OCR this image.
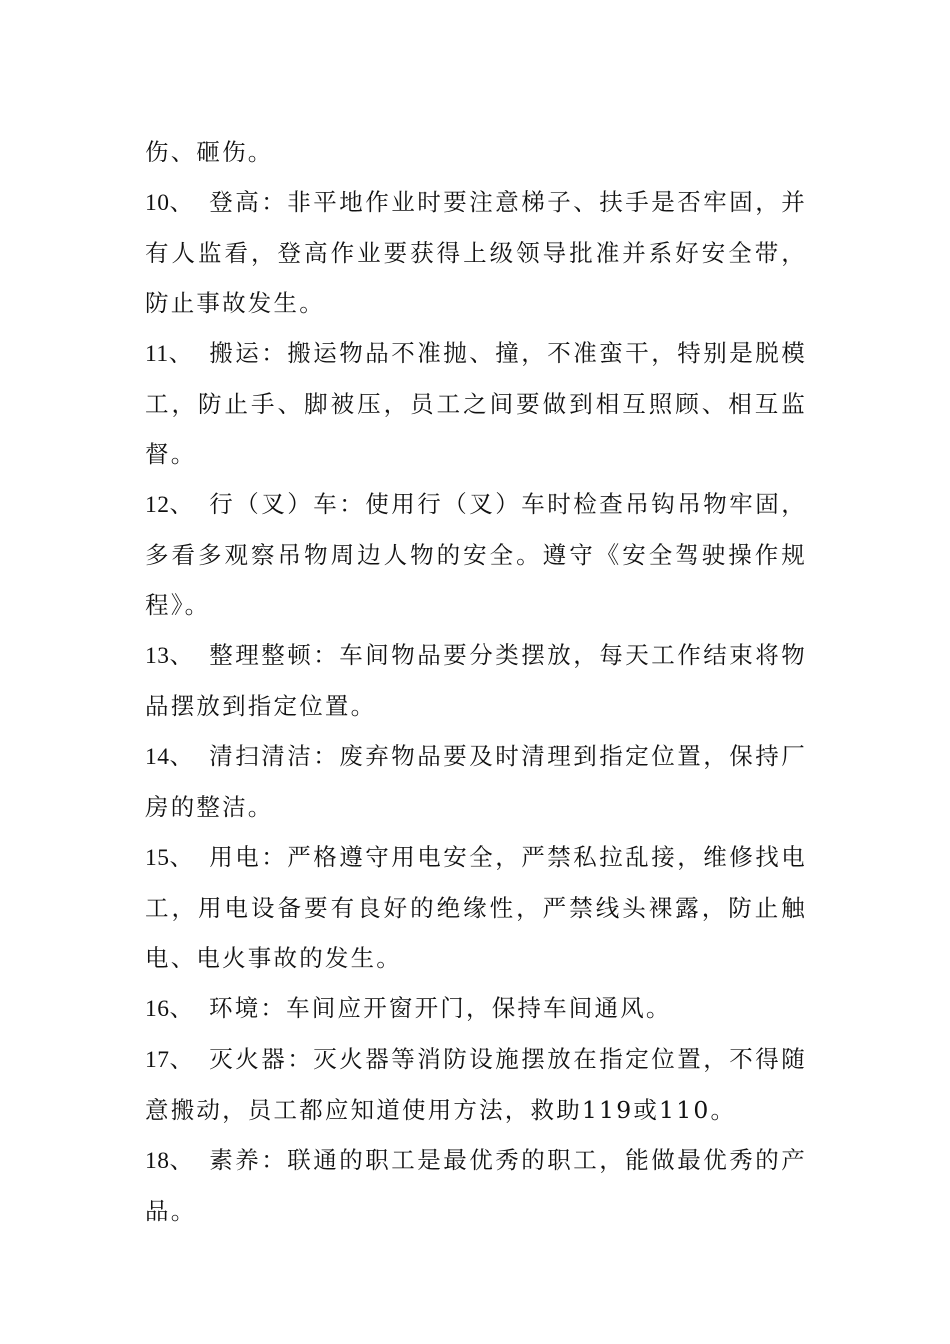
伤、砸伤。

10、 登高：非平地作业时要注意梯子、扶手是否牢固，并有人监看，登高作业要获得上级领导批准并系好安全带，防止事故发生。

11、 搬运：搬运物品不准抛、撞，不准蛮干，特别是脱模工，防止手、脚被压，员工之间要做到相互照顾、相互监督。

12、 行（叉）车：使用行（叉）车时检查吊钩吊物牢固，多看多观察吊物周边人物的安全。遵守《安全驾驶操作规程》。

13、 整理整顿：车间物品要分类摆放，每天工作结束将物品摆放到指定位置。

14、 清扫清洁：废弃物品要及时清理到指定位置，保持厂房的整洁。

15、 用电：严格遵守用电安全，严禁私拉乱接，维修找电工，用电设备要有良好的绝缘性，严禁线头裸露，防止触电、电火事故的发生。

16、 环境：车间应开窗开门，保持车间通风。

17、 灭火器：灭火器等消防设施摆放在指定位置，不得随意搬动，员工都应知道使用方法，救助119或110。

18、 素养：联通的职工是最优秀的职工，能做最优秀的产品。
